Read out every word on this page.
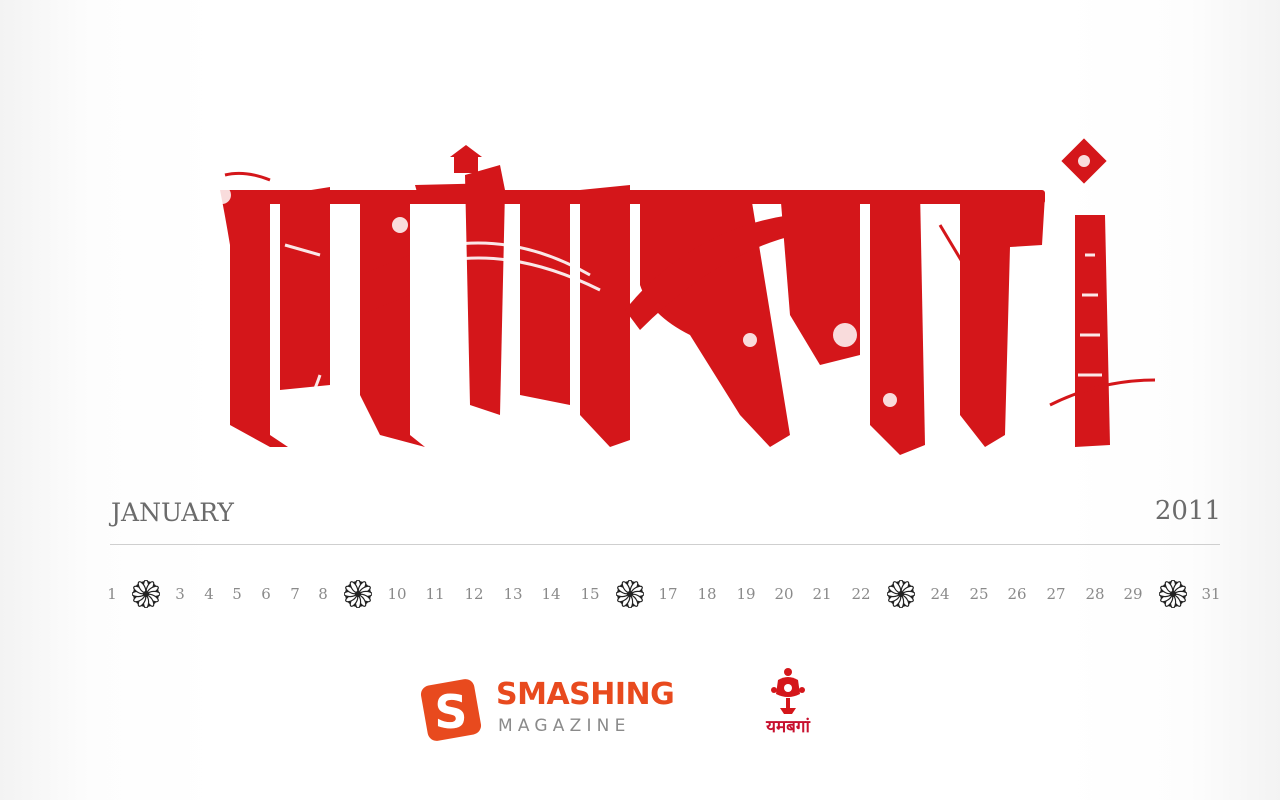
JANUARY	2011
1	3 4 5 6 7 8	10 11 12 13 14 15	17 18 19 20 21 22	24 25 26 27 28 29	31
S SMASHING
MAGAZINE	यमबगां
